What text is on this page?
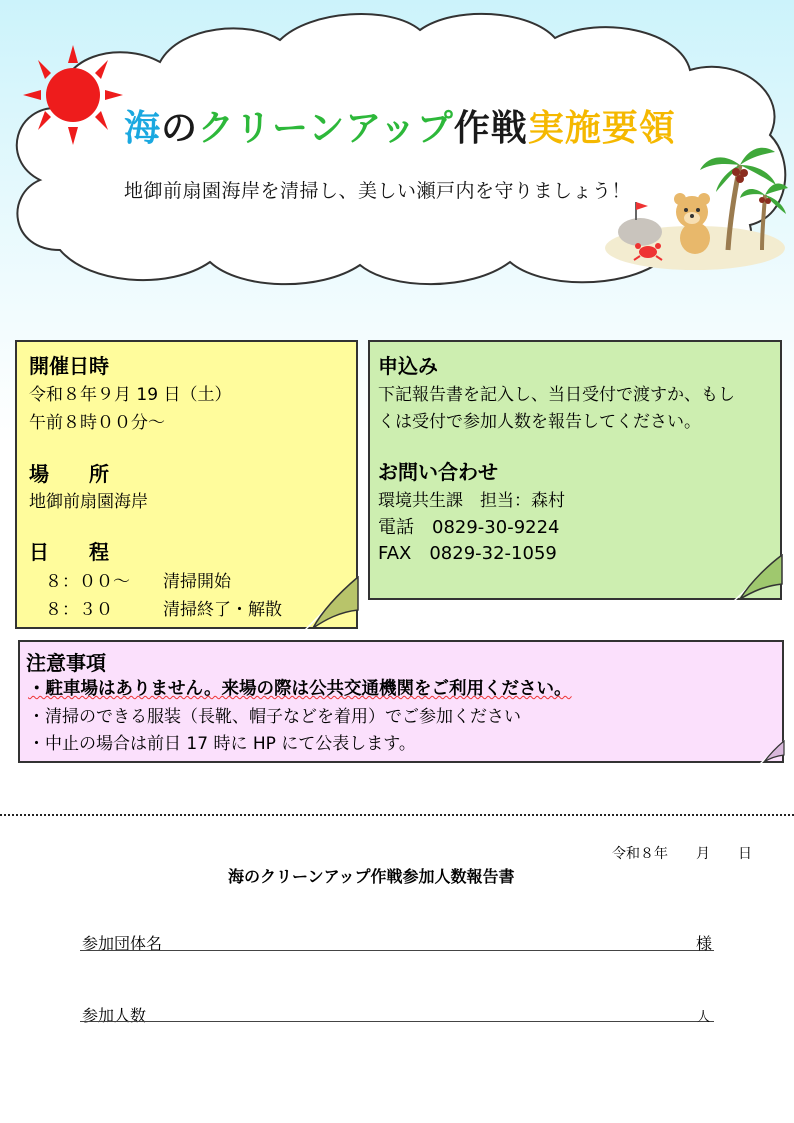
海のクリーンアップ作戦実施要領
地御前扇園海岸を清掃し、美しい瀬戸内を守りましょう！
開催日時
令和８年９月 19 日（土）
午前８時００分～
場　　所
地御前扇園海岸
日　　程
８：００～ 清掃開始
８：３０	清掃終了・解散
申込み
下記報告書を記入し、当日受付で渡すか、もし
くは受付で参加人数を報告してください。
お問い合わせ
環境共生課　担当：森村
電話　0829-30-9224
FAX　0829-32-1059
注意事項
・駐車場はありません。来場の際は公共交通機関をご利用ください。
・清掃のできる服装（長靴、帽子などを着用）でご参加ください
・中止の場合は前日 17 時に HP にて公表します。
令和８年　　月　　日
海のクリーンアップ作戦参加人数報告書
参加団体名	様
参加人数	人
